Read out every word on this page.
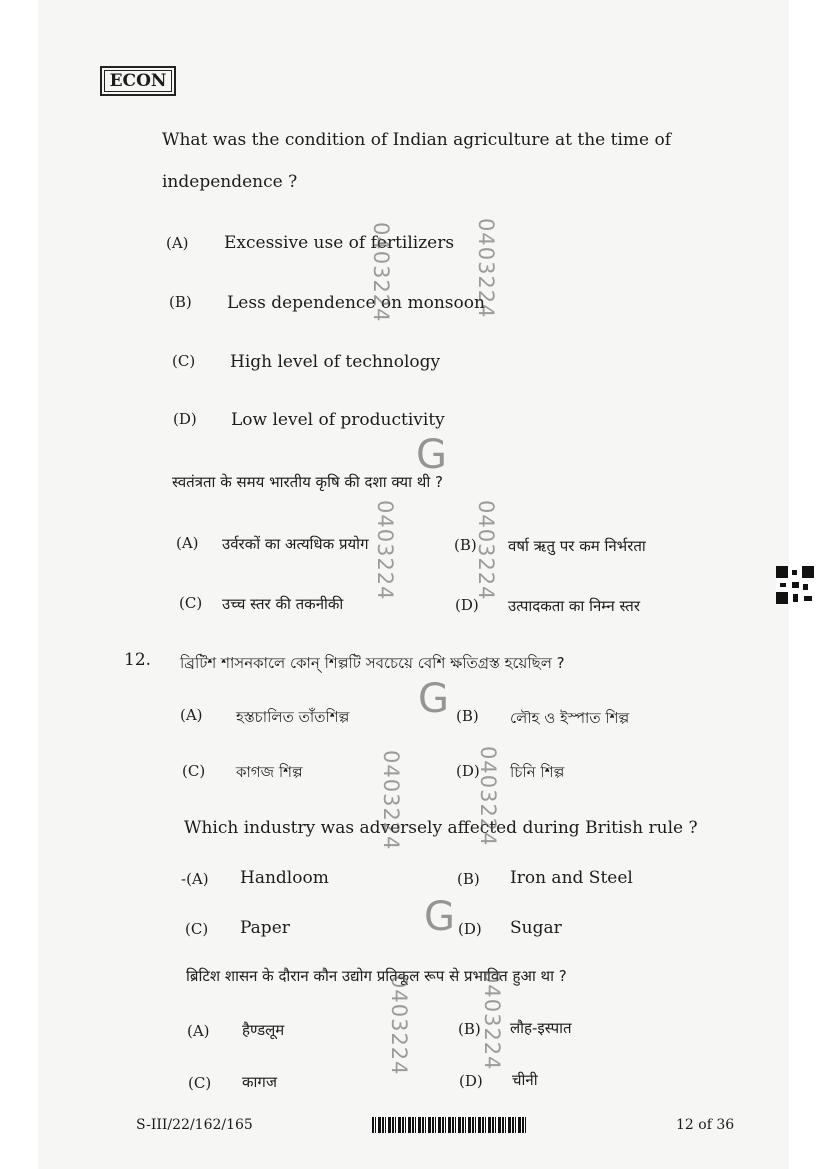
ECON
What was the condition of Indian agriculture at the time of
independence ?
(A) Excessive use of fertilizers
(B) Less dependence on monsoon
(C) High level of technology
(D) Low level of productivity
स्वतंत्रता के समय भारतीय कृषि की दशा क्या थी ?
(A) उर्वरकों का अत्यधिक प्रयोग	(B) वर्षा ऋतु पर कम निर्भरता
(C) उच्च स्तर की तकनीकी	(D) उत्पादकता का निम्न स्तर
12. ব্রিটিশ শাসনকালে কোন্ শিল্পটি সবচেয়ে বেশি ক্ষতিগ্রস্ত হয়েছিল ?
(A) হস্তচালিত তাঁতশিল্প	(B) লৌহ ও ইস্পাত শিল্প
(C) কাগজ শিল্প	(D) চিনি শিল্প
Which industry was adversely affected during British rule ?
-(A) Handloom	(B) Iron and Steel
(C) Paper	(D) Sugar
ब्रिटिश शासन के दौरान कौन उद्योग प्रतिकूल रूप से प्रभावित हुआ था ?
(A) हैण्डलूम	(B) लौह-इस्पात
(C) कागज	(D) चीनी
0403224	0403224
0403224	0403224
0403224	0403224
0403224	0403224
G
G
G
S-III/22/162/165	12 of 36
